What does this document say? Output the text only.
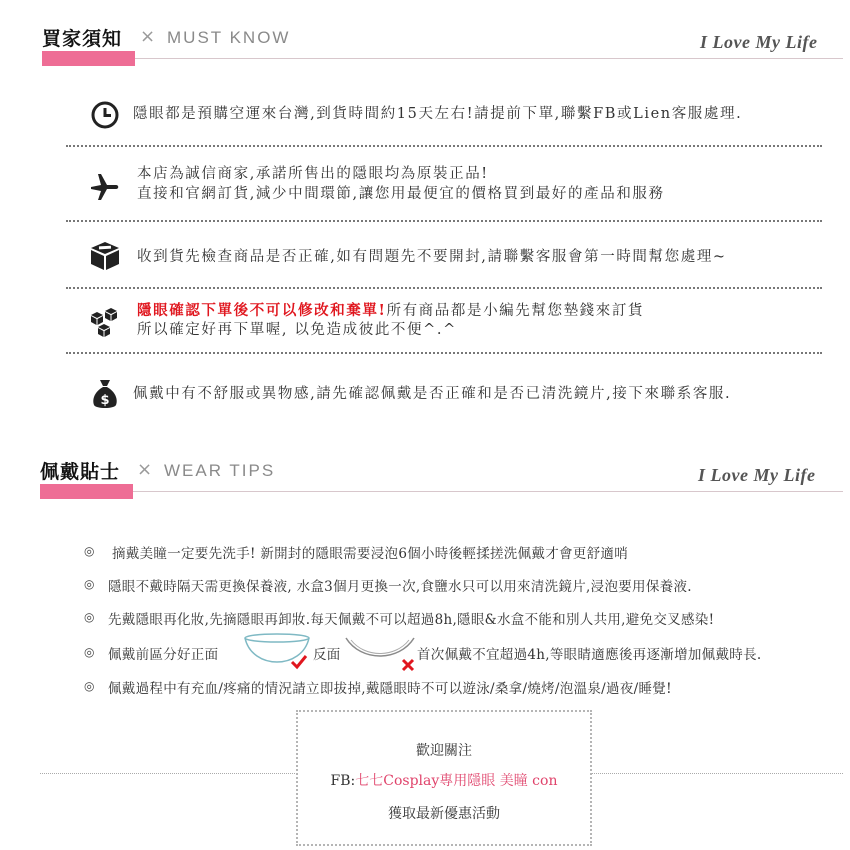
買家須知 × MUST KNOW	I Love My Life
隱眼都是預購空運來台灣,到貨時間約15天左右!請提前下單,聯繫FB或Lien客服處理.
本店為誠信商家,承諾所售出的隱眼均為原裝正品!
直接和官網訂貨,減少中間環節,讓您用最便宜的價格買到最好的產品和服務
收到貨先檢查商品是否正確,如有問題先不要開封,請聯繫客服會第一時間幫您處理~
隱眼確認下單後不可以修改和棄單!所有商品都是小編先幫您墊錢來訂貨
所以確定好再下單喔, 以免造成彼此不便^.^
$ 佩戴中有不舒服或異物感,請先確認佩戴是否正確和是否已清洗鏡片,接下來聯系客服.
佩戴貼士 × WEAR TIPS	I Love My Life
◎ 摘戴美瞳一定要先洗手! 新開封的隱眼需要浸泡6個小時後輕揉搓洗佩戴才會更舒適哨
◎ 隱眼不戴時隔天需更換保養液, 水盒3個月更換一次,食鹽水只可以用來清洗鏡片,浸泡要用保養液.
◎ 先戴隱眼再化妝,先摘隱眼再卸妝.每天佩戴不可以超過8h,隱眼&水盒不能和別人共用,避免交叉感染!
◎ 佩戴前區分好正面	反面	首次佩戴不宜超過4h,等眼睛適應後再逐漸增加佩戴時長.
◎ 佩戴過程中有充血/疼痛的情況請立即拔掉,戴隱眼時不可以遊泳/桑拿/燒烤/泡溫泉/過夜/睡覺!
歡迎關注
FB:七七Cosplay專用隱眼 美瞳 con
獲取最新優惠活動
